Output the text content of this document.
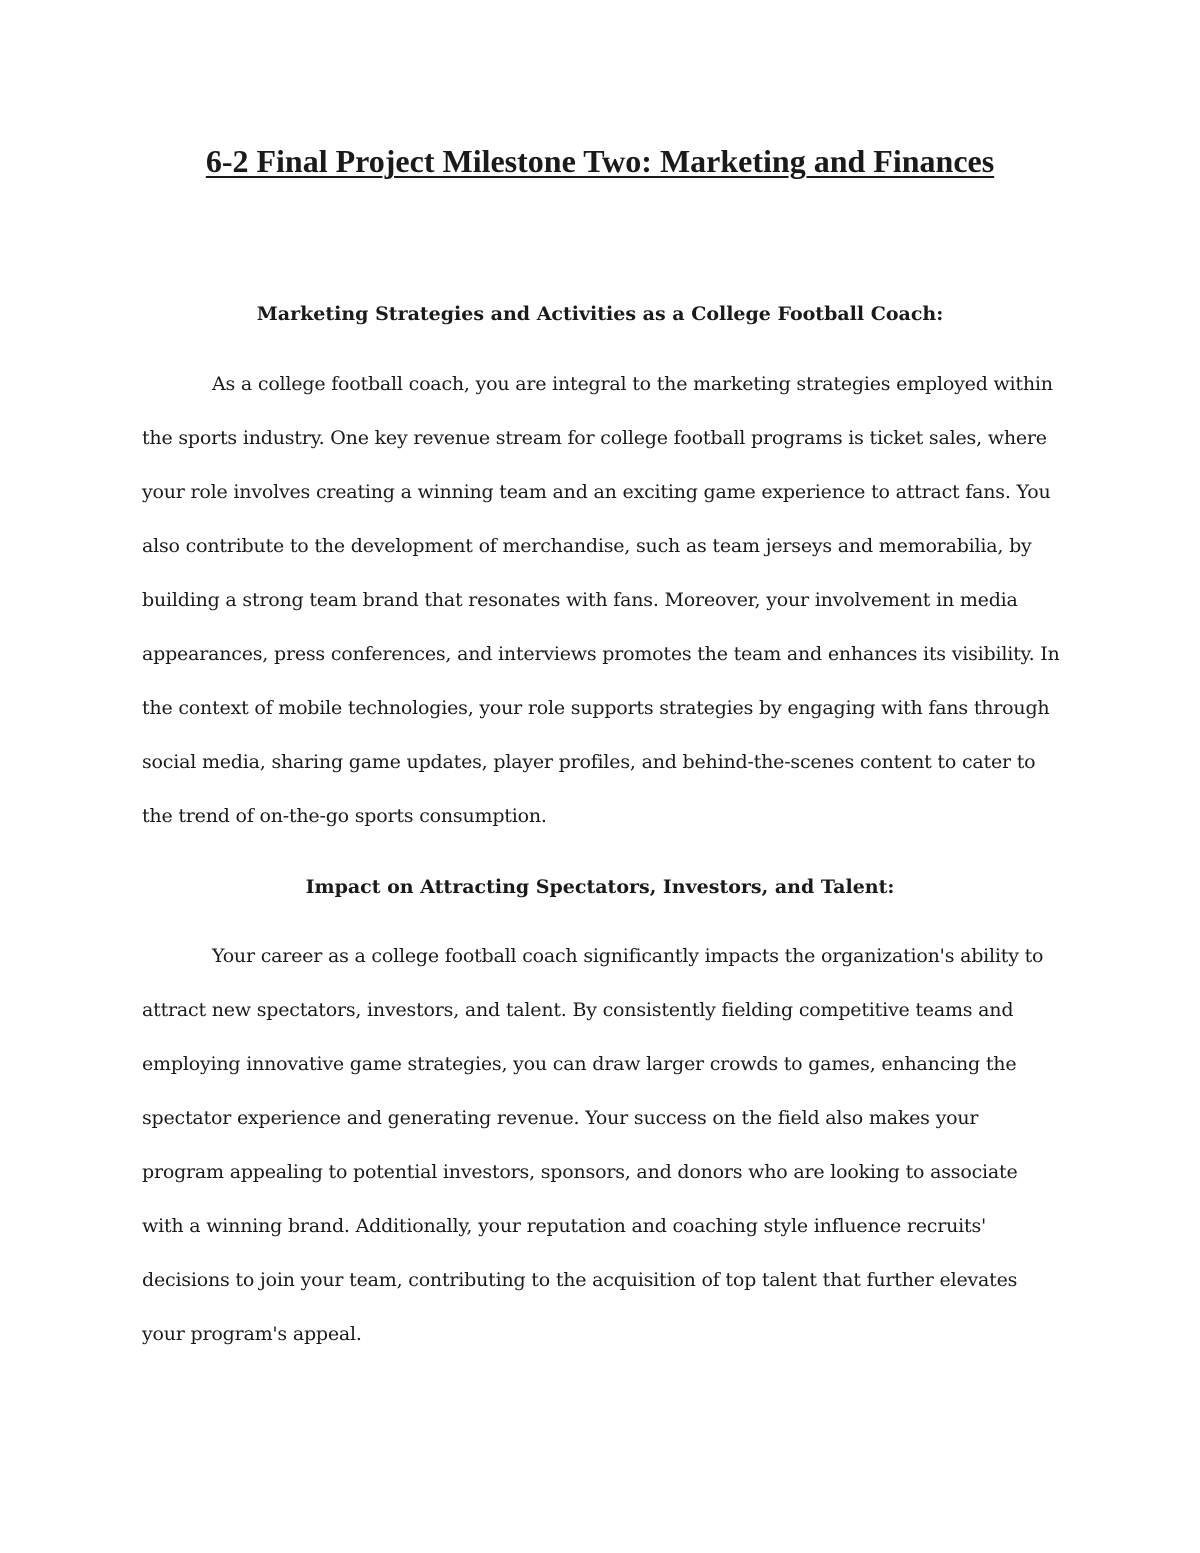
6-2 Final Project Milestone Two: Marketing and Finances
Marketing Strategies and Activities as a College Football Coach:

As a college football coach, you are integral to the marketing strategies employed within the sports industry. One key revenue stream for college football programs is ticket sales, where your role involves creating a winning team and an exciting game experience to attract fans. You also contribute to the development of merchandise, such as team jerseys and memorabilia, by building a strong team brand that resonates with fans. Moreover, your involvement in media appearances, press conferences, and interviews promotes the team and enhances its visibility. In the context of mobile technologies, your role supports strategies by engaging with fans through social media, sharing game updates, player profiles, and behind-the-scenes content to cater to the trend of on-the-go sports consumption.

Impact on Attracting Spectators, Investors, and Talent:

Your career as a college football coach significantly impacts the organization's ability to attract new spectators, investors, and talent. By consistently fielding competitive teams and employing innovative game strategies, you can draw larger crowds to games, enhancing the spectator experience and generating revenue. Your success on the field also makes your program appealing to potential investors, sponsors, and donors who are looking to associate with a winning brand. Additionally, your reputation and coaching style influence recruits' decisions to join your team, contributing to the acquisition of top talent that further elevates your program's appeal.
